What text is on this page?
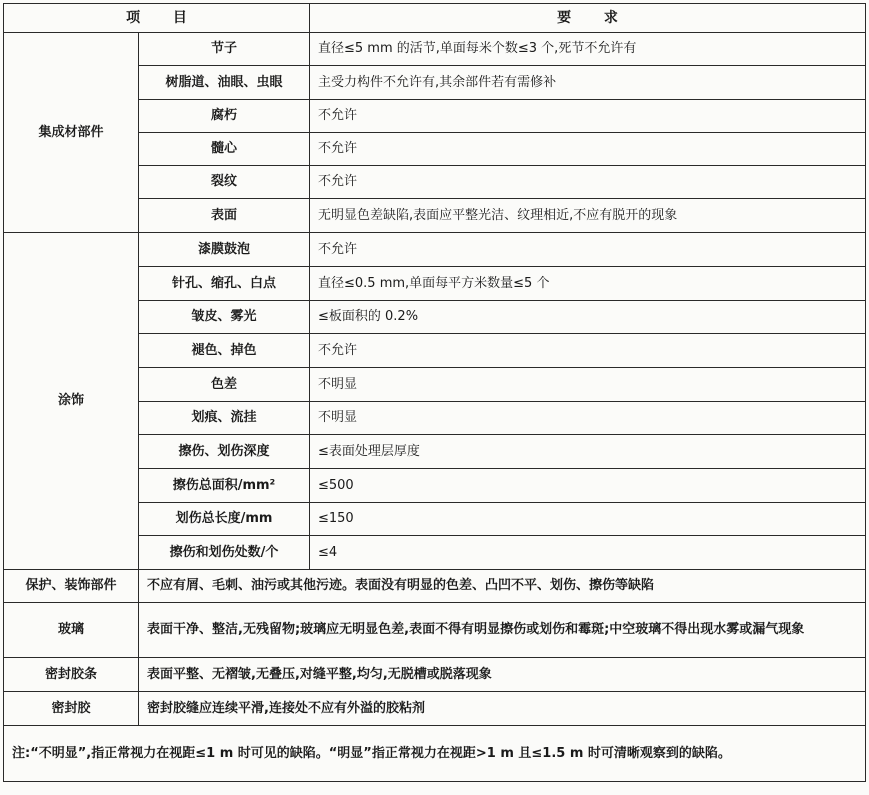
项 目		要 求
集成材部件	节子	直径≤5 mm 的活节,单面每米个数≤3 个,死节不允许有
	树脂道、油眼、虫眼	主受力构件不允许有,其余部件若有需修补
	腐朽	不允许
	髓心	不允许
	裂纹	不允许
	表面	无明显色差缺陷,表面应平整光洁、纹理相近,不应有脱开的现象
涂饰	漆膜鼓泡	不允许
	针孔、缩孔、白点	直径≤0.5 mm,单面每平方米数量≤5 个
	皱皮、雾光	≤板面积的 0.2%
	褪色、掉色	不允许
	色差	不明显
	划痕、流挂	不明显
	擦伤、划伤深度	≤表面处理层厚度
	擦伤总面积/mm²	≤500
	划伤总长度/mm	≤150
	擦伤和划伤处数/个	≤4
保护、装饰部件	不应有屑、毛刺、油污或其他污迹。表面没有明显的色差、凸凹不平、划伤、擦伤等缺陷	
玻璃	表面干净、整洁,无残留物;玻璃应无明显色差,表面不得有明显擦伤或划伤和霉斑;中空玻璃不得出现水雾或漏气现象	
密封胶条	表面平整、无褶皱,无叠压,对缝平整,均匀,无脱槽或脱落现象	
密封胶	密封胶缝应连续平滑,连接处不应有外溢的胶粘剂	
注:“不明显”,指正常视力在视距≤1 m 时可见的缺陷。“明显”指正常视力在视距>1 m 且≤1.5 m 时可清晰观察到的缺陷。		
